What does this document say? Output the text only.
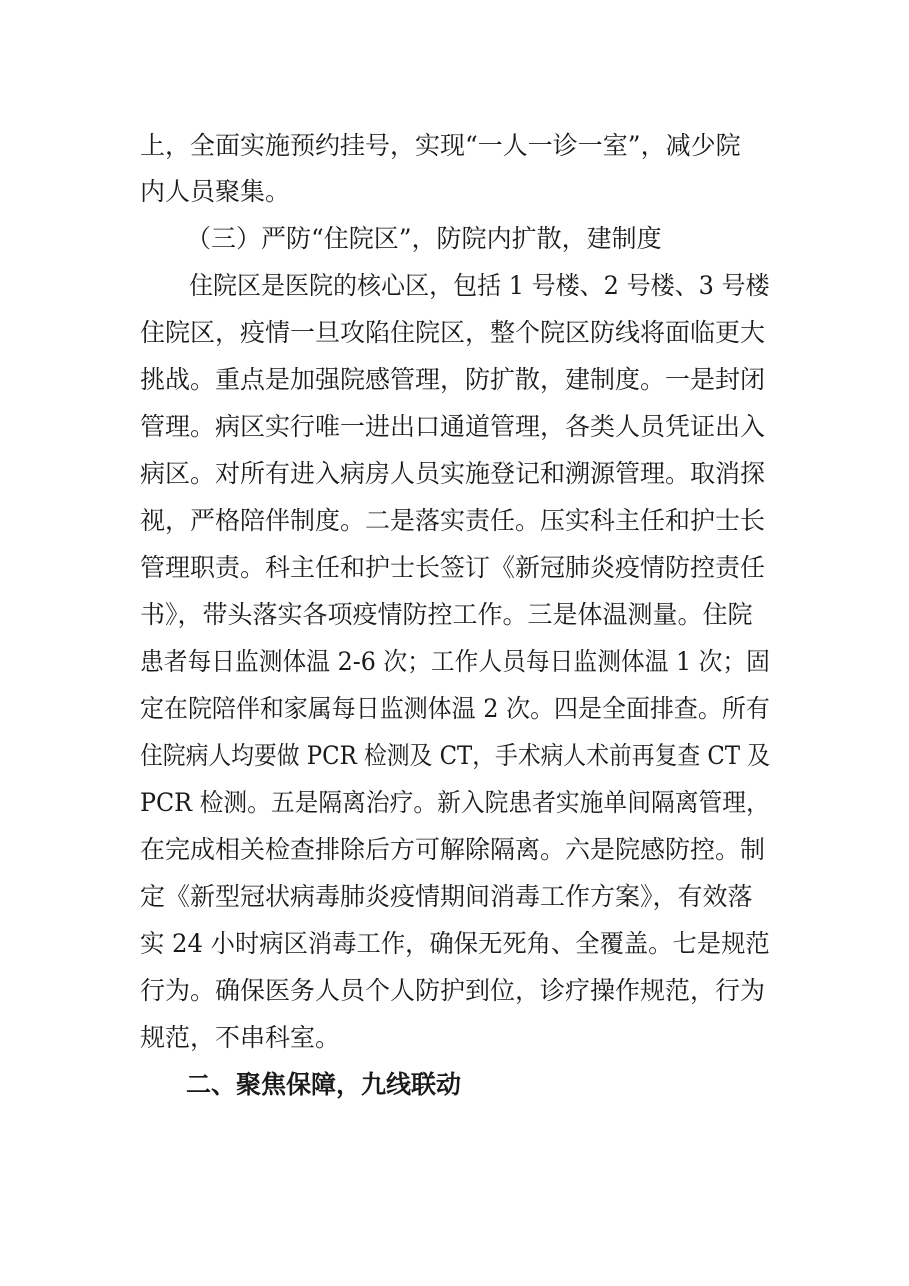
上，全面实施预约挂号，实现“一人一诊一室”，减少院
内人员聚集。
（三）严防“住院区”，防院内扩散，建制度
住院区是医院的核心区，包括 1 号楼、2 号楼、3 号楼
住院区，疫情一旦攻陷住院区，整个院区防线将面临更大
挑战。重点是加强院感管理，防扩散，建制度。一是封闭
管理。病区实行唯一进出口通道管理，各类人员凭证出入
病区。对所有进入病房人员实施登记和溯源管理。取消探
视，严格陪伴制度。二是落实责任。压实科主任和护士长
管理职责。科主任和护士长签订《新冠肺炎疫情防控责任
书》，带头落实各项疫情防控工作。三是体温测量。住院
患者每日监测体温 2-6 次；工作人员每日监测体温 1 次；固
定在院陪伴和家属每日监测体温 2 次。四是全面排查。所有
住院病人均要做 PCR 检测及 CT，手术病人术前再复查 CT 及
PCR 检测。五是隔离治疗。新入院患者实施单间隔离管理，
在完成相关检查排除后方可解除隔离。六是院感防控。制
定《新型冠状病毒肺炎疫情期间消毒工作方案》，有效落
实 24 小时病区消毒工作，确保无死角、全覆盖。七是规范
行为。确保医务人员个人防护到位，诊疗操作规范，行为
规范，不串科室。
二、聚焦保障，九线联动
